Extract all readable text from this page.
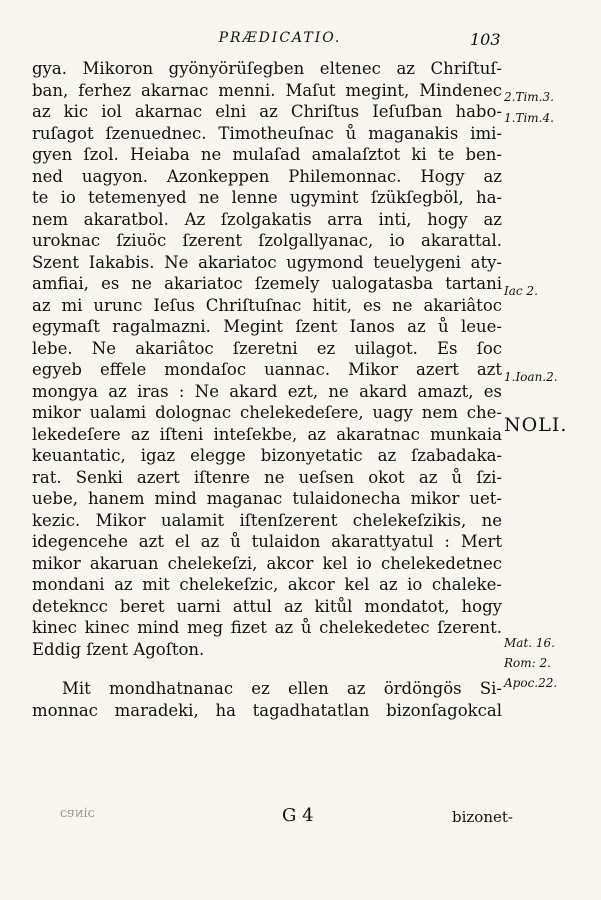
PRÆDICATIO.	103
gya. Mikoron gyönyörüſegben eltenec az Chriſtuſ-
ban, ferhez akarnac menni. Maſut megint, Mindenec
az kic iol akarnac elni az Chriſtus Ieſuſban habo-
ruſagot ſzenuednec. Timotheuſnac ů maganakis imi-
gyen ſzol. Heiaba ne mulaſad amalaſztot ki te ben-
ned uagyon. Azonkeppen Philemonnac. Hogy az
te io tetemenyed ne lenne ugymint ſzükſegböl, ha-
nem akaratbol. Az ſzolgakatis arra inti, hogy az
uroknac ſziuöc ſzerent ſzolgallyanac, io akarattal.
Szent Iakabis. Ne akariatoc ugymond teuelygeni aty-
amfiai, es ne akariatoc ſzemely ualogatasba tartani
az mi urunc Ieſus Chriſtuſnac hitit, es ne akariâtoc
egymaſt ragalmazni. Megint ſzent Ianos az ů leue-
lebe. Ne akariâtoc ſzeretni ez uilagot. Es ſoc
egyeb effele mondaſoc uannac. Mikor azert azt
mongya az iras : Ne akard ezt, ne akard amazt, es
mikor ualami dolognac chelekedeſere, uagy nem che-
lekedeſere az iſteni inteſekbe, az akaratnac munkaia
keuantatic, igaz elegge bizonyetatic az ſzabadaka-
rat. Senki azert iſtenre ne ueſsen okot az ů ſzi-
uebe, hanem mind maganac tulaidonecha mikor uet-
kezic. Mikor ualamit iſtenſzerent chelekeſzikis, ne
idegencehe azt el az ů tulaidon akarattyatul : Mert
mikor akaruan chelekeſzi, akcor kel io chelekedetnec
mondani az mit chelekeſzic, akcor kel az io chaleke-
detekncc beret uarni attul az kitůl mondatot, hogy
kinec kinec mind meg fizet az ů chelekedetec ſzerent.
Eddig ſzent Agoſton.
Mit mondhatnanac ez ellen az ördöngös Si-
monnac maradeki, ha tagadhatatlan bizonſagokcal
2.Tim.3.
1.Tim.4.
Iac 2.
1.Ioan.2.
NOLI.
Mat. 16.
Rom: 2.
Apoc.22.
ɔiɴɐɔ	G 4	bizonet-
